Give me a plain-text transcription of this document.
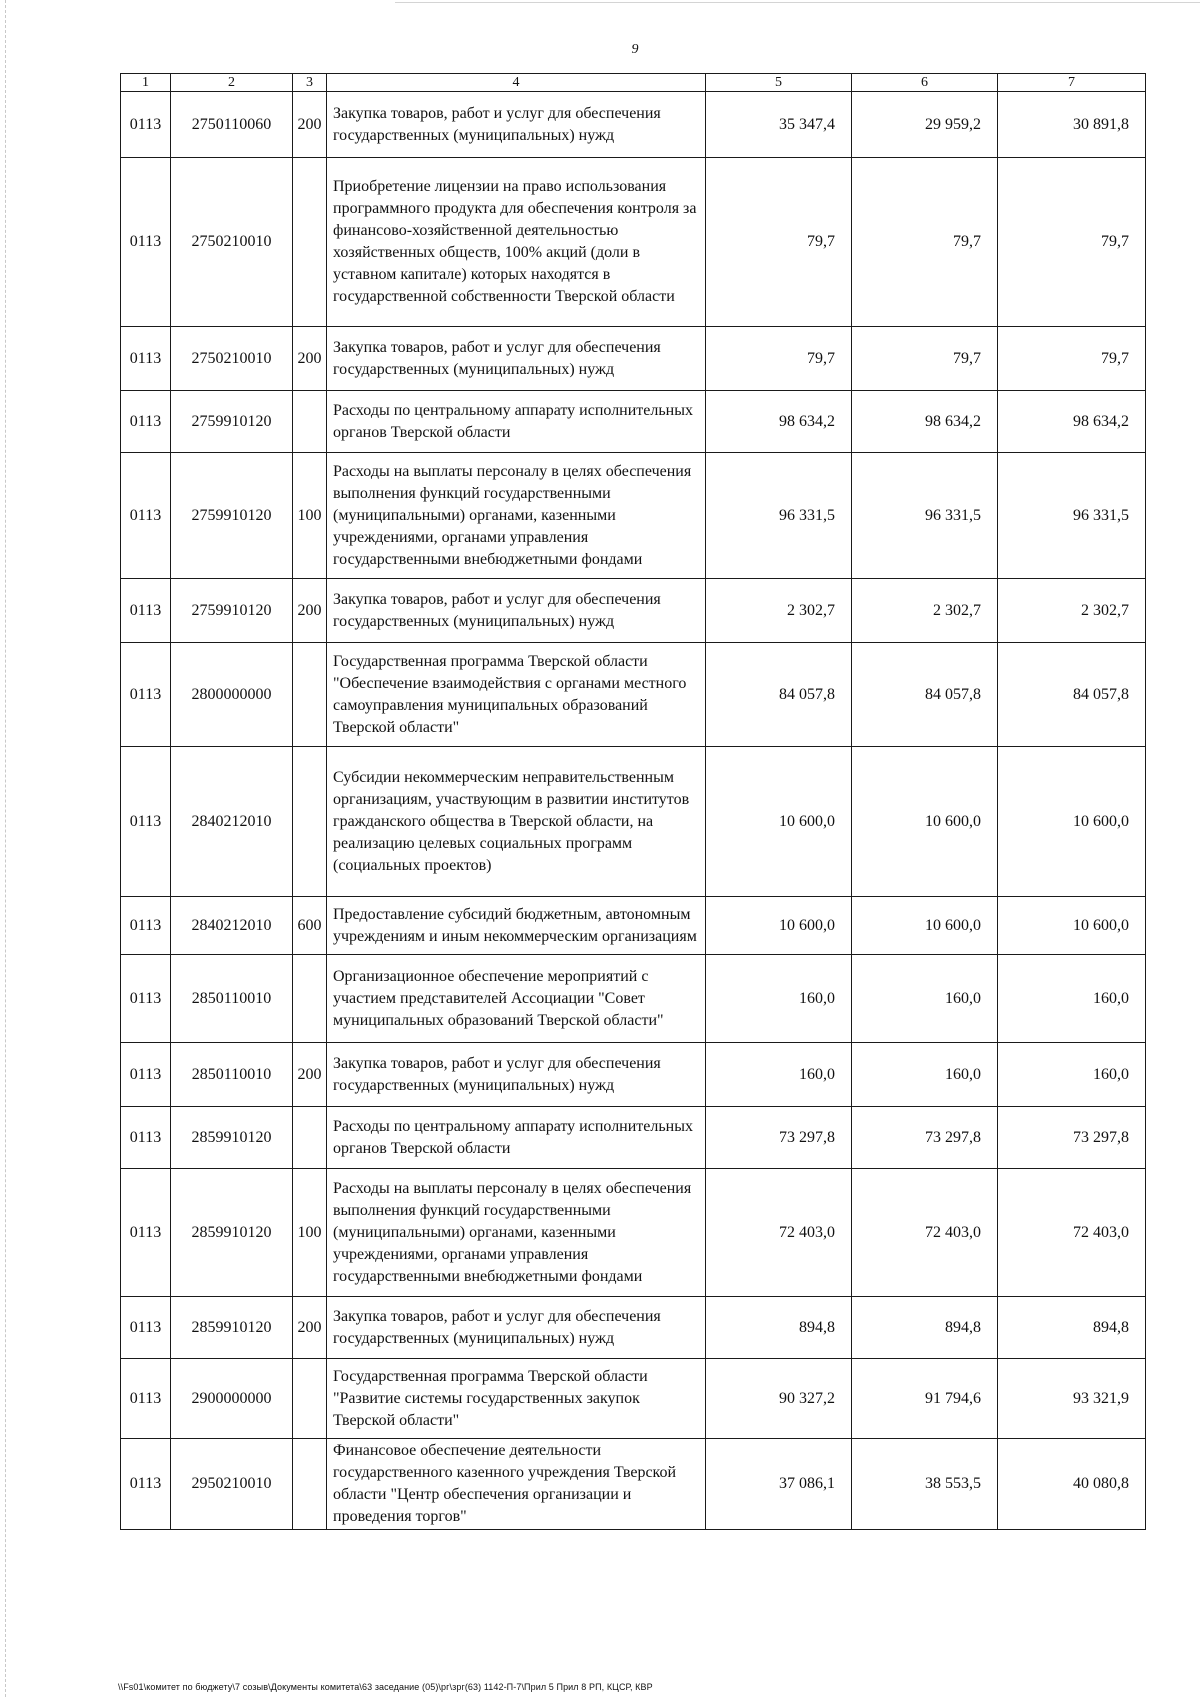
9
1	2	3	4	5	6	7
0113	2750110060	200	Закупка товаров, работ и услуг для обеспечения государственных (муниципальных) нужд	35 347,4	29 959,2	30 891,8
0113	2750210010		Приобретение лицензии на право использования программного продукта для обеспечения контроля за финансово-хозяйственной деятельностью хозяйственных обществ, 100% акций (доли в уставном капитале) которых находятся в государственной собственности Тверской области	79,7	79,7	79,7
0113	2750210010	200	Закупка товаров, работ и услуг для обеспечения государственных (муниципальных) нужд	79,7	79,7	79,7
0113	2759910120		Расходы по центральному аппарату исполнительных органов Тверской области	98 634,2	98 634,2	98 634,2
0113	2759910120	100	Расходы на выплаты персоналу в целях обеспечения выполнения функций государственными (муниципальными) органами, казенными учреждениями, органами управления государственными внебюджетными фондами	96 331,5	96 331,5	96 331,5
0113	2759910120	200	Закупка товаров, работ и услуг для обеспечения государственных (муниципальных) нужд	2 302,7	2 302,7	2 302,7
0113	2800000000		Государственная программа Тверской области "Обеспечение взаимодействия с органами местного самоуправления муниципальных образований Тверской области"	84 057,8	84 057,8	84 057,8
0113	2840212010		Субсидии некоммерческим неправительственным организациям, участвующим в развитии институтов гражданского общества в Тверской области, на реализацию целевых социальных программ (социальных проектов)	10 600,0	10 600,0	10 600,0
0113	2840212010	600	Предоставление субсидий бюджетным, автономным учреждениям и иным некоммерческим организациям	10 600,0	10 600,0	10 600,0
0113	2850110010		Организационное обеспечение мероприятий с участием представителей Ассоциации "Совет муниципальных образований Тверской области"	160,0	160,0	160,0
0113	2850110010	200	Закупка товаров, работ и услуг для обеспечения государственных (муниципальных) нужд	160,0	160,0	160,0
0113	2859910120		Расходы по центральному аппарату исполнительных органов Тверской области	73 297,8	73 297,8	73 297,8
0113	2859910120	100	Расходы на выплаты персоналу в целях обеспечения выполнения функций государственными (муниципальными) органами, казенными учреждениями, органами управления государственными внебюджетными фондами	72 403,0	72 403,0	72 403,0
0113	2859910120	200	Закупка товаров, работ и услуг для обеспечения государственных (муниципальных) нужд	894,8	894,8	894,8
0113	2900000000		Государственная программа Тверской области "Развитие системы государственных закупок Тверской области"	90 327,2	91 794,6	93 321,9
0113	2950210010		Финансовое обеспечение деятельности государственного казенного учреждения Тверской области "Центр обеспечения организации и проведения торгов"	37 086,1	38 553,5	40 080,8
\\Fs01\комитет по бюджету\7 созыв\Документы комитета\63 заседание (05)\рг\зрг(63) 1142-П-7\Прил 5 Прил 8 РП, КЦСР, КВР
